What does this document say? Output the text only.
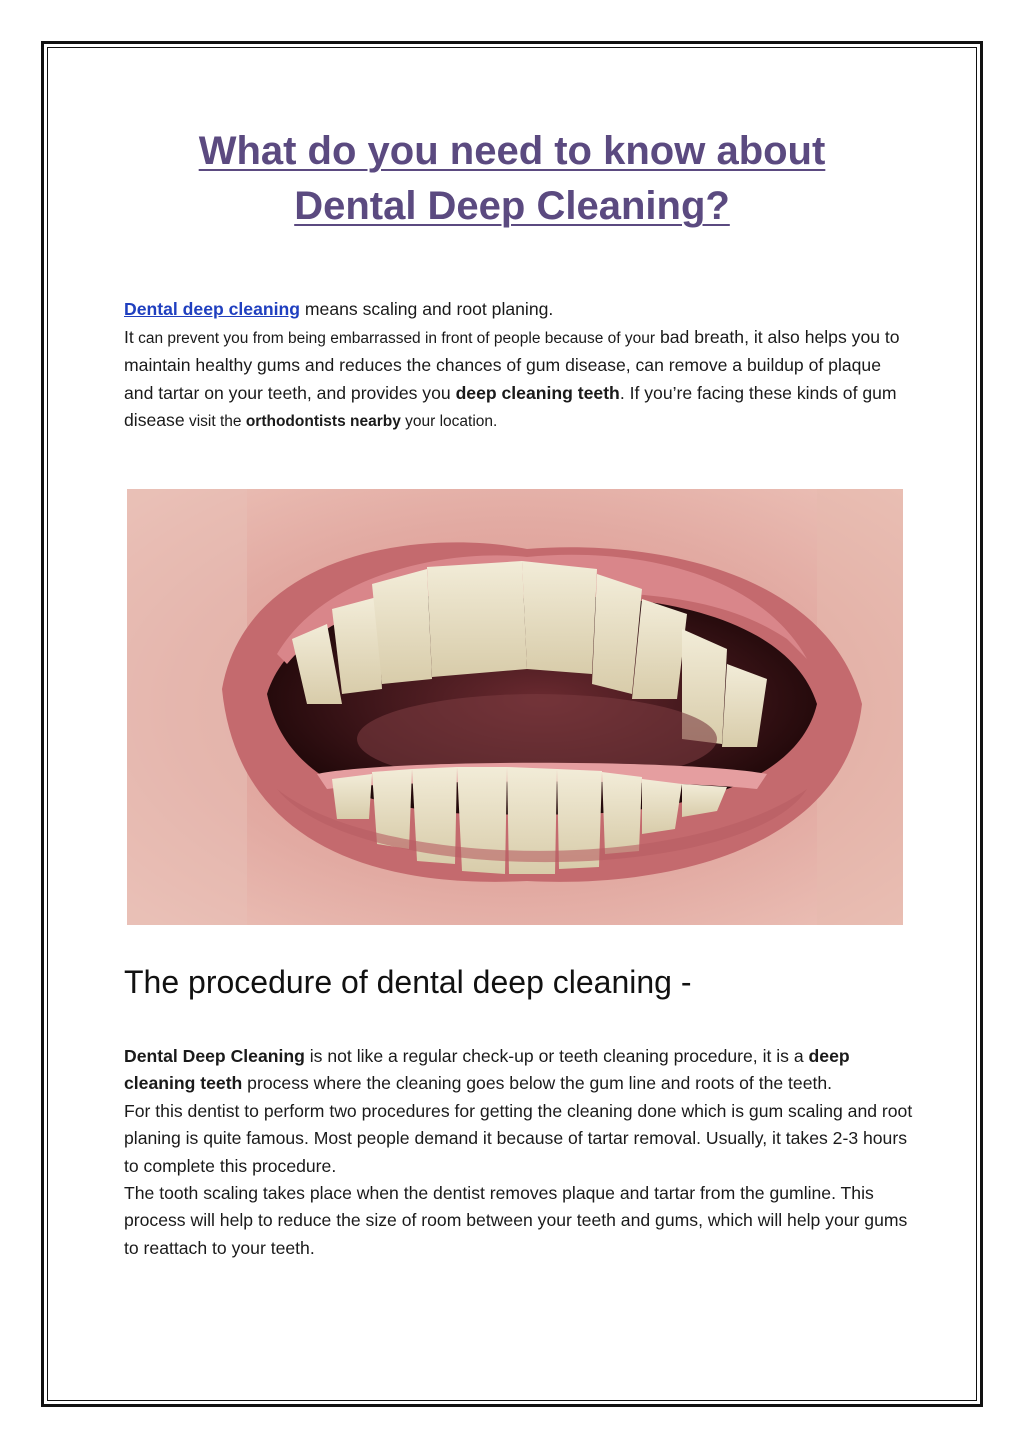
What do you need to know about
Dental Deep Cleaning?

Dental deep cleaning means scaling and root planing.

It can prevent you from being embarrassed in front of people because of your bad breath, it also helps you to maintain healthy gums and reduces the chances of gum disease, can remove a buildup of plaque and tartar on your teeth, and provides you deep cleaning teeth. If you’re facing these kinds of gum disease visit the orthodontists nearby your location.

The procedure of dental deep cleaning -

Dental Deep Cleaning is not like a regular check-up or teeth cleaning procedure, it is a deep cleaning teeth process where the cleaning goes below the gum line and roots of the teeth.

For this dentist to perform two procedures for getting the cleaning done which is gum scaling and root planing is quite famous. Most people demand it because of tartar removal. Usually, it takes 2-3 hours to complete this procedure.

The tooth scaling takes place when the dentist removes plaque and tartar from the gumline. This process will help to reduce the size of room between your teeth and gums, which will help your gums to reattach to your teeth.
